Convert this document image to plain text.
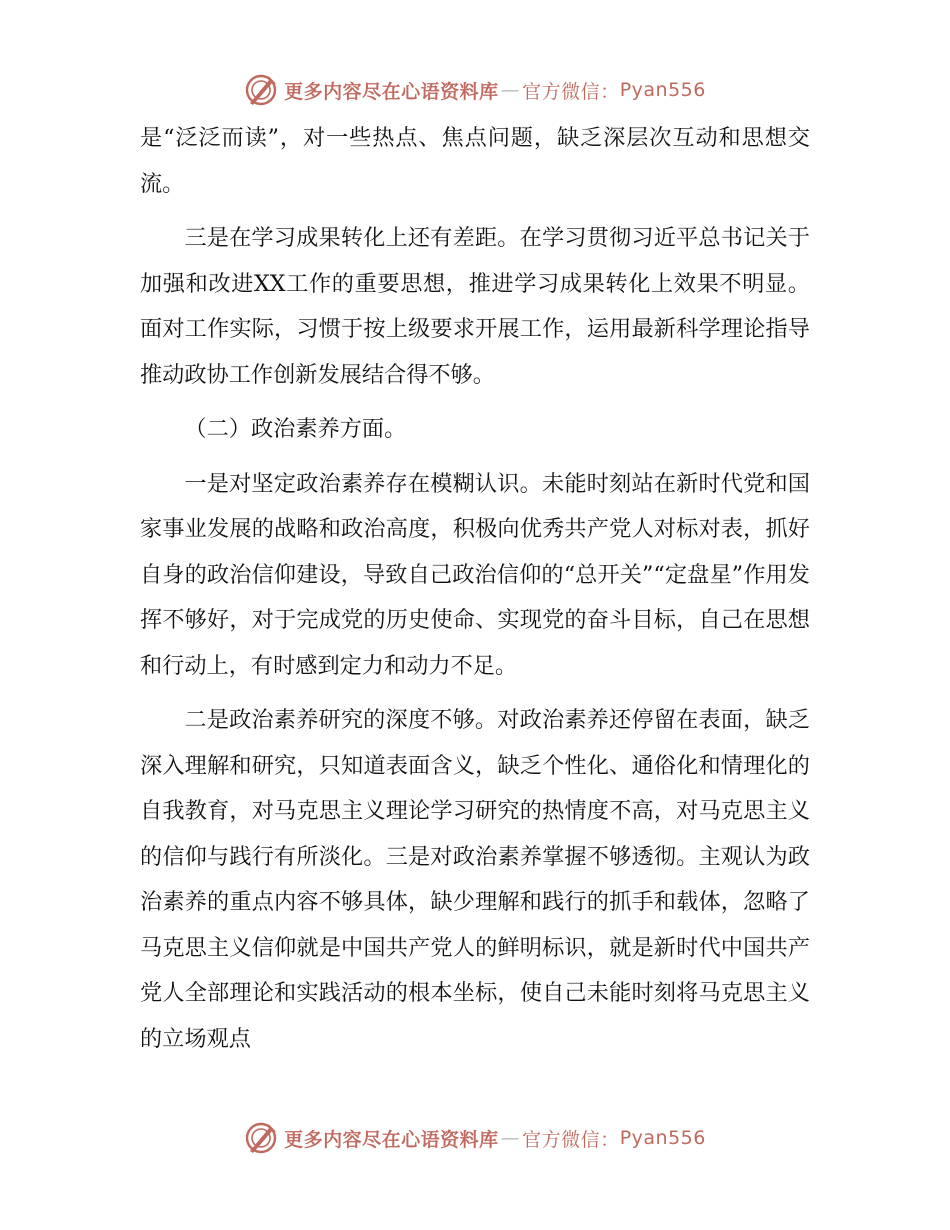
更多内容尽在心语资料库 — 官方微信： Pyan556

是“泛泛而读”，对一些热点、焦点问题，缺乏深层次互动和思想交流。

三是在学习成果转化上还有差距。在学习贯彻习近平总书记关于加强和改进XX工作的重要思想，推进学习成果转化上效果不明显。面对工作实际，习惯于按上级要求开展工作，运用最新科学理论指导推动政协工作创新发展结合得不够。

（二）政治素养方面。

一是对坚定政治素养存在模糊认识。未能时刻站在新时代党和国家事业发展的战略和政治高度，积极向优秀共产党人对标对表，抓好自身的政治信仰建设，导致自己政治信仰的“总开关”“定盘星”作用发挥不够好，对于完成党的历史使命、实现党的奋斗目标，自己在思想和行动上，有时感到定力和动力不足。

二是政治素养研究的深度不够。对政治素养还停留在表面，缺乏深入理解和研究，只知道表面含义，缺乏个性化、通俗化和情理化的自我教育，对马克思主义理论学习研究的热情度不高，对马克思主义的信仰与践行有所淡化。三是对政治素养掌握不够透彻。主观认为政治素养的重点内容不够具体，缺少理解和践行的抓手和载体，忽略了马克思主义信仰就是中国共产党人的鲜明标识，就是新时代中国共产党人全部理论和实践活动的根本坐标，使自己未能时刻将马克思主义的立场观点

更多内容尽在心语资料库 — 官方微信： Pyan556
